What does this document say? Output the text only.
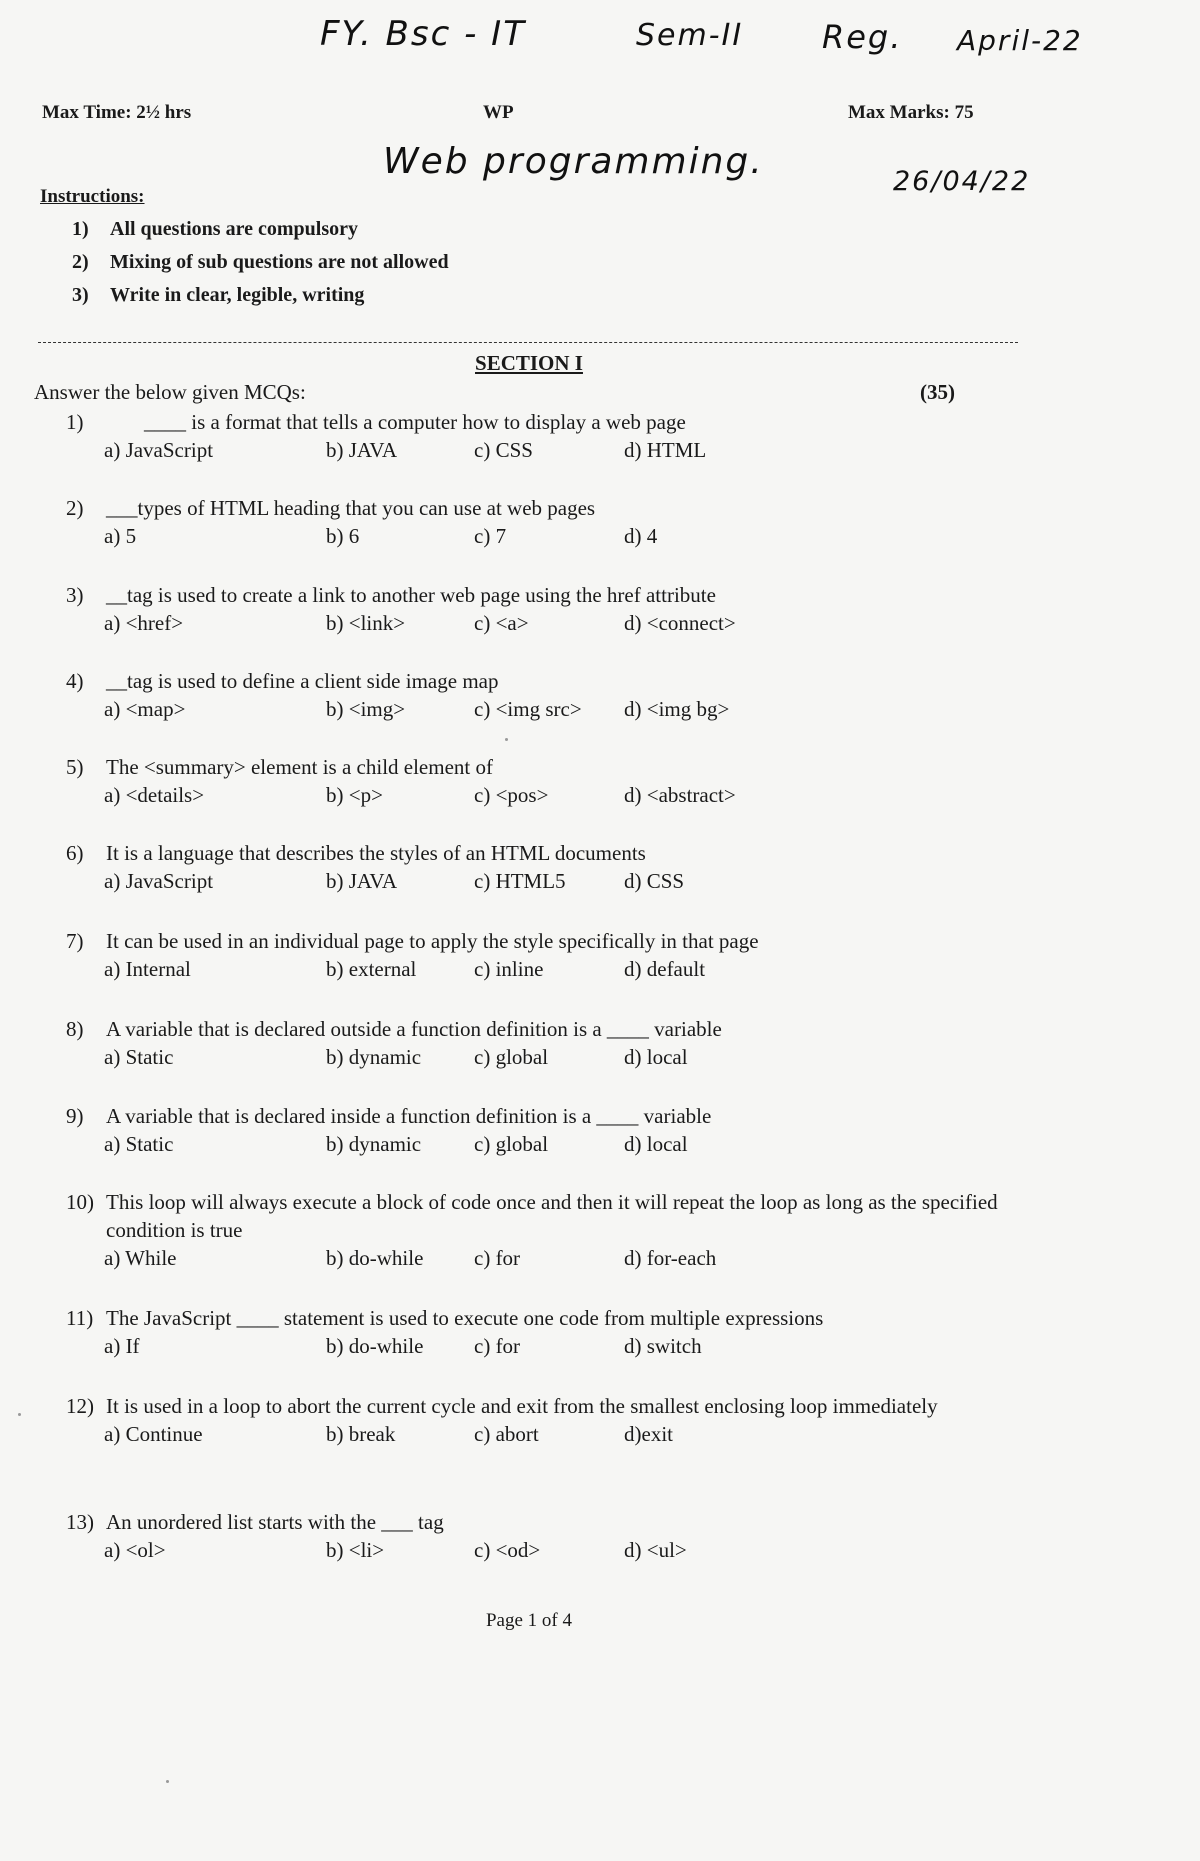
FY. Bsc - IT	Sem-II Reg. April-22
Web programming.	26/04/22
Max Time: 2½ hrs	WP	Max Marks: 75
Instructions:
1) All questions are compulsory
2) Mixing of sub questions are not allowed
3) Write in clear, legible, writing
SECTION I
Answer the below given MCQs:	(35)
1)	____ is a format that tells a computer how to display a web page
a) JavaScript	b) JAVA	c) CSS	d) HTML
2)	___types of HTML heading that you can use at web pages
a) 5	b) 6	c) 7	d) 4
3)	__tag is used to create a link to another web page using the href attribute
a) <href>	b) <link>	c) <a>	d) <connect>
4)	__tag is used to define a client side image map
a) <map>	b) <img>	c) <img src> d) <img bg>
5)	The <summary> element is a child element of
a) <details>	b) <p>	c) <pos>	d) <abstract>
6)	It is a language that describes the styles of an HTML documents
a) JavaScript	b) JAVA	c) HTML5	d) CSS
7)	It can be used in an individual page to apply the style specifically in that page
a) Internal	b) external	c) inline	d) default
8)	A variable that is declared outside a function definition is a ____ variable
a) Static	b) dynamic	c) global	d) local
9)	A variable that is declared inside a function definition is a ____ variable
a) Static	b) dynamic	c) global	d) local
10) This loop will always execute a block of code once and then it will repeat the loop as long as the specified condition is true
a) While	b) do-while c) for	d) for-each
11) The JavaScript ____ statement is used to execute one code from multiple expressions
a) If	b) do-while c) for	d) switch
12) It is used in a loop to abort the current cycle and exit from the smallest enclosing loop immediately
a) Continue	b) break	c) abort	d)exit
13) An unordered list starts with the ___ tag
a) <ol>	b) <li>	c) <od>	d) <ul>
Page 1 of 4
